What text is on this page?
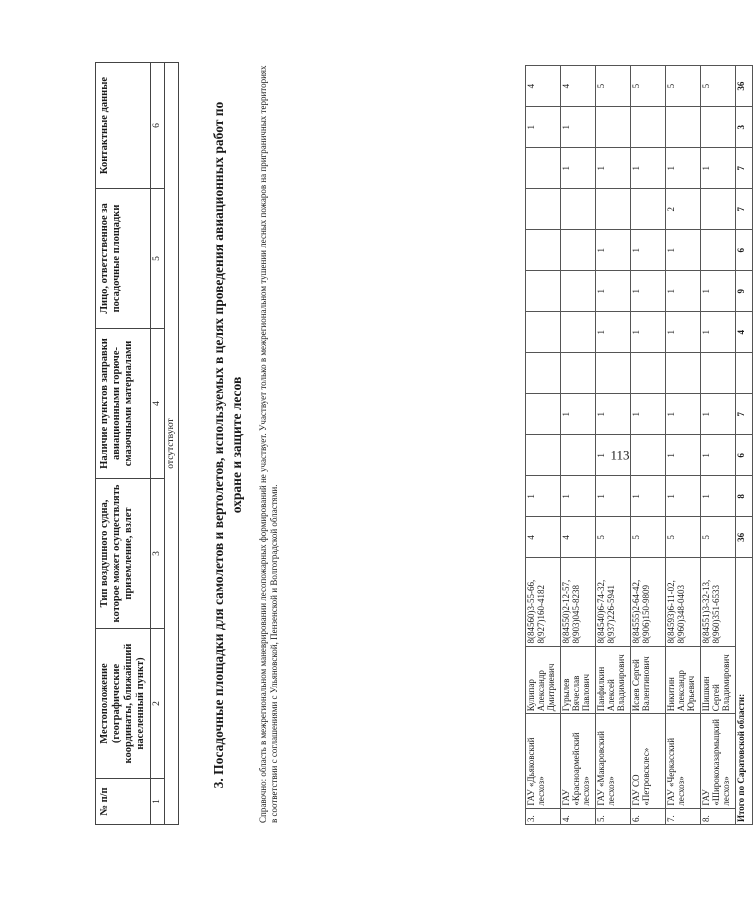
113
3.	ГАУ «Дьяковский лесхоз»	Кулипар Александр Дмитриевич	8(84560)3-55-66, 8(927)160-4182	4	1									1	4
4.	ГАУ «Красноармейский лесхоз»	Гурылев Вячеслав Павлович	8(84550)2-12-57, 8(903)045-8238	4	1		1						1	1	4
5.	ГАУ «Макаровский лесхоз»	Панфилкин Алексей Владимирович	8(84540)6-74-32, 8(937)226-5941	5	1	1	1		1	1	1		1		5
6.	ГАУ СО «Петровсклес»	Исаев Сергей Валентинович	8(84555)2-64-42, 8(906)150-9809	5	1		1		1	1	1		1		5
7.	ГАУ «Черкасский лесхоз»	Никитин Александр Юрьевич	8(84593)6-11-02, 8(960)348-0403	5	1	1	1		1	1	1	2	1		5
8.	ГАУ «Ширококазармыцкий лесхоз»	Шишкин Сергей Владимирович	8(84551)3-32-13, 8(960)351-6533	5	1	1	1		1	1			1		5
Итого по Саратовской области:				36	8	6	7		4	9	6	7	7	3	36
Справочно: область в межрегиональном маневрировании лесопожарных формирований не участвует. Участвует только в межрегиональном тушении лесных пожаров на приграничных территориях в соответствии с соглашениями с Ульяновской, Пензенской и Волгоградской областями.
3. Посадочные площадки для самолетов и вертолетов, используемых в целях проведения авиационных работ по охране и защите лесов
№ п/п	Местоположение (географические координаты, ближайший населенный пункт)	Тип воздушного судна, которое может осуществлять приземление, взлет	Наличие пунктов заправки авиационными горюче-смазочными материалами	Лицо, ответственное за посадочные площадки	Контактные данные
1	2	3	4	5	6
отсутствуют					
